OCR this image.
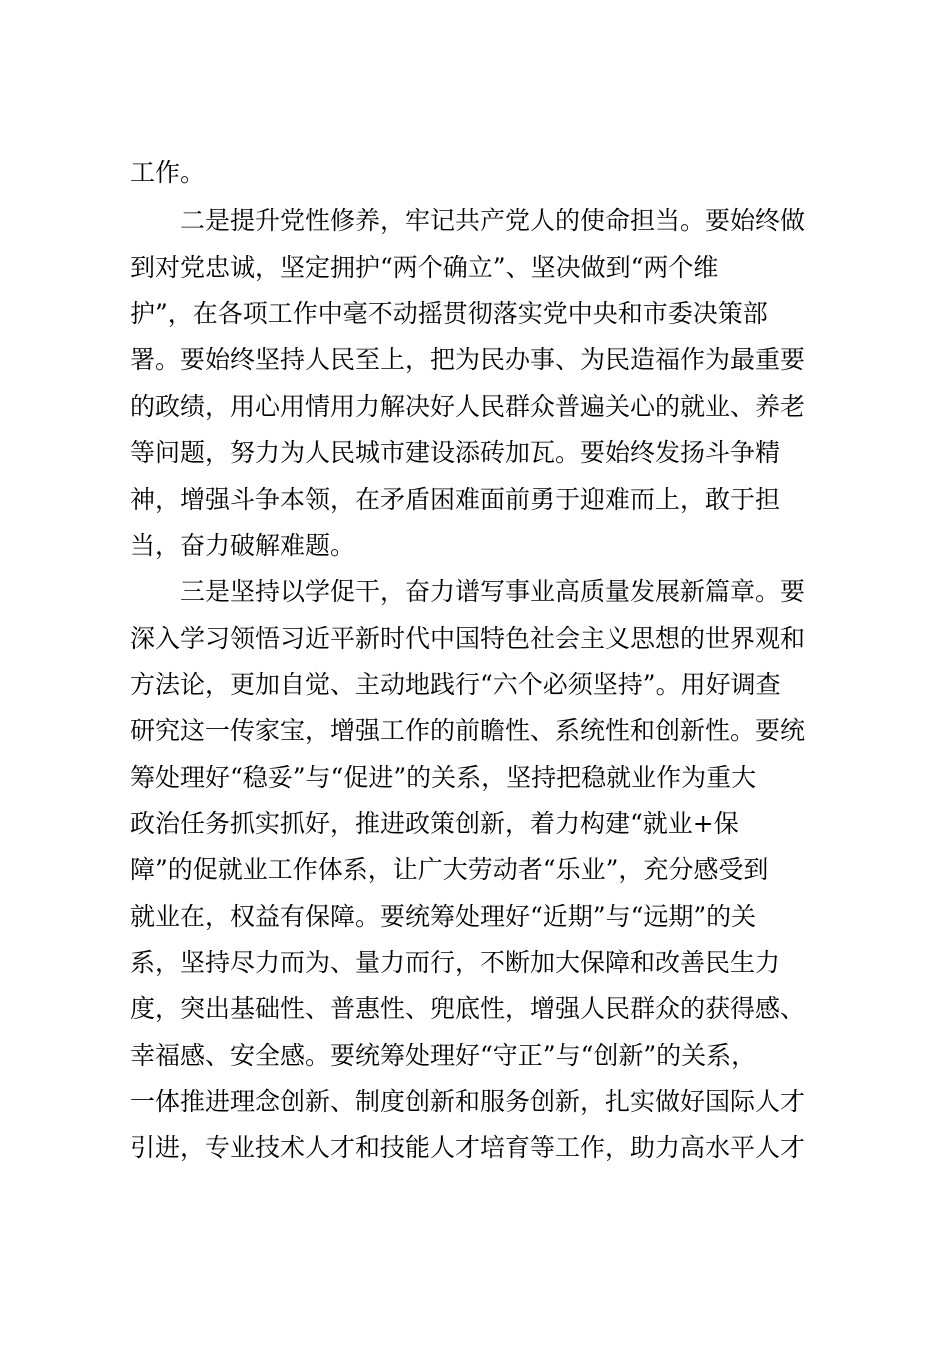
工作。

　　二是提升党性修养，牢记共产党人的使命担当。要始终做

到对党忠诚，坚定拥护“两个确立”、坚决做到“两个维

护”，在各项工作中毫不动摇贯彻落实党中央和市委决策部

署。要始终坚持人民至上，把为民办事、为民造福作为最重要

的政绩，用心用情用力解决好人民群众普遍关心的就业、养老

等问题，努力为人民城市建设添砖加瓦。要始终发扬斗争精

神，增强斗争本领，在矛盾困难面前勇于迎难而上，敢于担

当，奋力破解难题。

　　三是坚持以学促干，奋力谱写事业高质量发展新篇章。要

深入学习领悟习近平新时代中国特色社会主义思想的世界观和

方法论，更加自觉、主动地践行“六个必须坚持”。用好调查

研究这一传家宝，增强工作的前瞻性、系统性和创新性。要统

筹处理好“稳妥”与“促进”的关系，坚持把稳就业作为重大

政治任务抓实抓好，推进政策创新，着力构建“就业+保

障”的促就业工作体系，让广大劳动者“乐业”，充分感受到

就业在，权益有保障。要统筹处理好“近期”与“远期”的关

系，坚持尽力而为、量力而行，不断加大保障和改善民生力

度，突出基础性、普惠性、兜底性，增强人民群众的获得感、

幸福感、安全感。要统筹处理好“守正”与“创新”的关系，

一体推进理念创新、制度创新和服务创新，扎实做好国际人才

引进，专业技术人才和技能人才培育等工作，助力高水平人才
